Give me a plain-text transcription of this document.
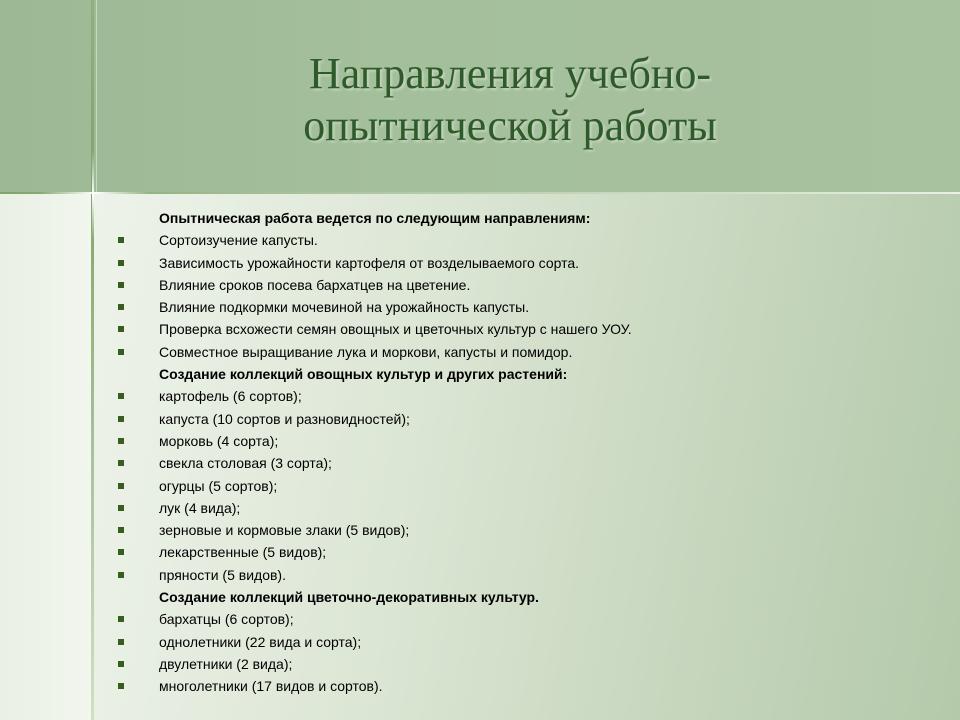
Направления учебно-
опытнической работы
Опытническая работа ведется по следующим направлениям:
Сортоизучение капусты.
Зависимость урожайности картофеля от возделываемого сорта.
Влияние сроков посева бархатцев на цветение.
Влияние подкормки мочевиной на урожайность капусты.
Проверка всхожести семян овощных и цветочных культур с нашего УОУ.
Совместное выращивание лука и моркови, капусты и помидор.
Создание коллекций овощных культур и других растений:
картофель (6 сортов);
капуста (10 сортов и разновидностей);
морковь (4 сорта);
свекла столовая (3 сорта);
огурцы (5 сортов);
лук (4 вида);
зерновые и кормовые злаки (5 видов);
лекарственные (5 видов);
пряности (5 видов).
Создание коллекций цветочно-декоративных культур.
бархатцы (6 сортов);
однолетники (22 вида и сорта);
двулетники (2 вида);
многолетники (17 видов и сортов).
